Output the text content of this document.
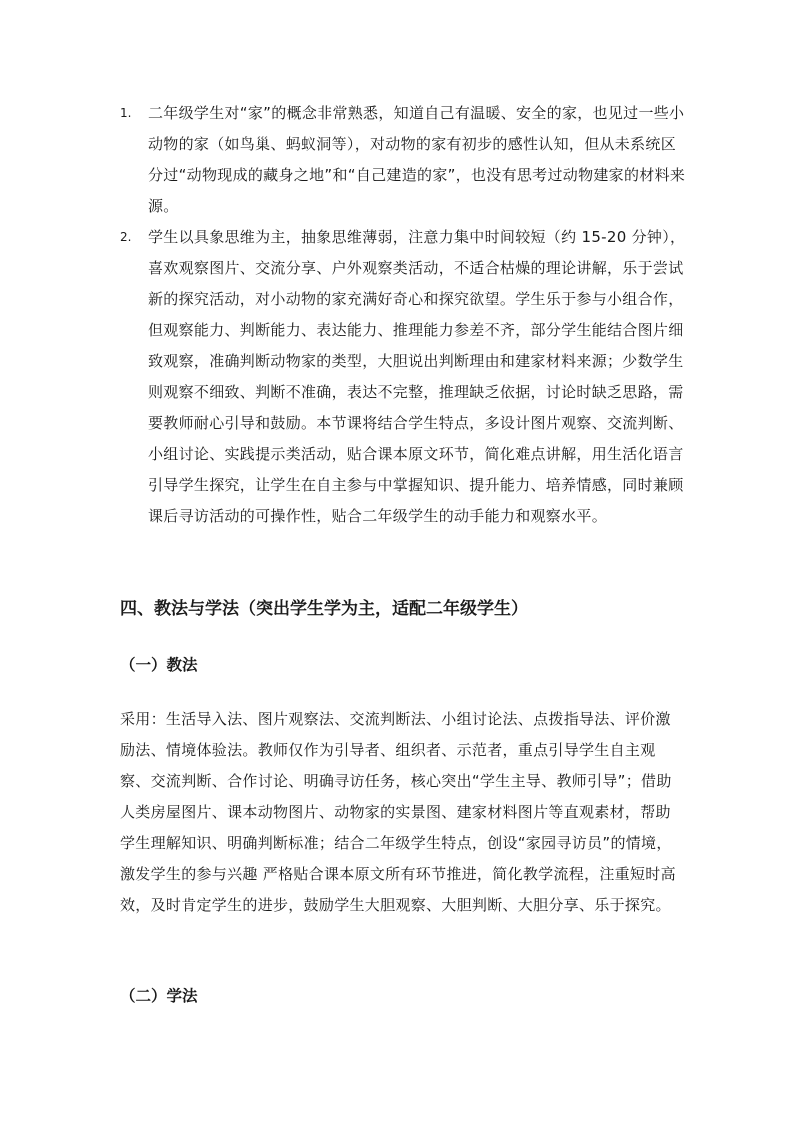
1. 二年级学生对“家”的概念非常熟悉，知道自己有温暖、安全的家，也见过一些小动物的家（如鸟巢、蚂蚁洞等），对动物的家有初步的感性认知，但从未系统区分过“动物现成的藏身之地”和“自己建造的家”，也没有思考过动物建家的材料来源。
2. 学生以具象思维为主，抽象思维薄弱，注意力集中时间较短（约 15-20 分钟），喜欢观察图片、交流分享、户外观察类活动，不适合枯燥的理论讲解，乐于尝试新的探究活动，对小动物的家充满好奇心和探究欲望。学生乐于参与小组合作，但观察能力、判断能力、表达能力、推理能力参差不齐，部分学生能结合图片细致观察，准确判断动物家的类型，大胆说出判断理由和建家材料来源；少数学生则观察不细致、判断不准确，表达不完整，推理缺乏依据，讨论时缺乏思路，需要教师耐心引导和鼓励。本节课将结合学生特点，多设计图片观察、交流判断、小组讨论、实践提示类活动，贴合课本原文环节，简化难点讲解，用生活化语言引导学生探究，让学生在自主参与中掌握知识、提升能力、培养情感，同时兼顾课后寻访活动的可操作性，贴合二年级学生的动手能力和观察水平。
四、教法与学法（突出学生学为主，适配二年级学生）
（一）教法
采用：生活导入法、图片观察法、交流判断法、小组讨论法、点拨指导法、评价激励法、情境体验法。教师仅作为引导者、组织者、示范者，重点引导学生自主观察、交流判断、合作讨论、明确寻访任务，核心突出“学生主导、教师引导”；借助人类房屋图片、课本动物图片、动物家的实景图、建家材料图片等直观素材，帮助学生理解知识、明确判断标准；结合二年级学生特点，创设“家园寻访员”的情境，激发学生的参与兴趣 严格贴合课本原文所有环节推进，简化教学流程，注重短时高效，及时肯定学生的进步，鼓励学生大胆观察、大胆判断、大胆分享、乐于探究。
（二）学法
